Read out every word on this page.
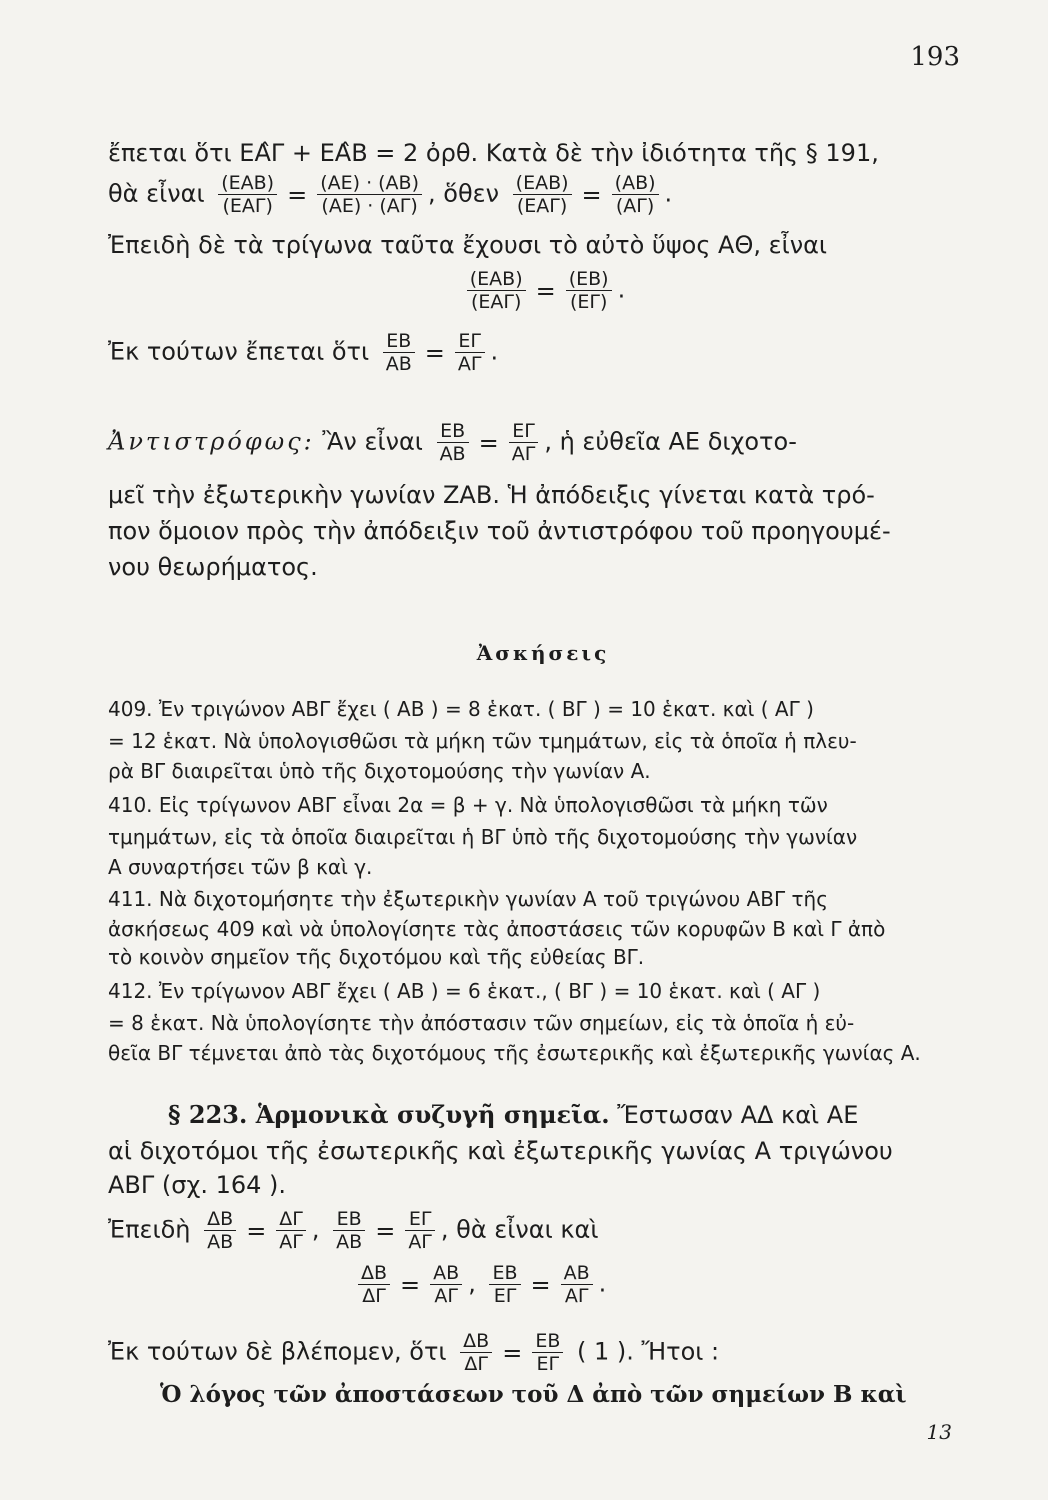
193
ἔπεται ὅτι ΕΑ̂Γ + ΕΑ̂Β = 2 ὀρθ. Κατὰ δὲ τὴν ἰδιότητα τῆς § 191,
θὰ εἶναι $\frac{\text{(ΕΑΒ)}}{\text{(ΕΑΓ)}} = \frac{(AE) \cdot (AB)}{(AE) \cdot (A\Gamma)}$ , ὅθεν $\frac{\text{(ΕΑΒ)}}{\text{(ΕΑΓ)}} = \frac{(AB)}{(A\Gamma)}$ .
Ἐπειδὴ δὲ τὰ τρίγωνα ταῦτα ἔχουσι τὸ αὐτὸ ὕψος ΑΘ, εἶναι
$\frac{\text{(ΕΑΒ)}}{\text{(ΕΑΓ)}} = \frac{(EB)}{(E\Gamma)}$ .
Ἐκ τούτων ἔπεται ὅτι $\frac{EB}{AB} = \frac{E\Gamma}{A\Gamma}$ .
Ἀντιστρόφως: Ἂν εἶναι $\frac{EB}{AB} = \frac{E\Gamma}{A\Gamma}$ , ἡ εὐθεῖα ΑΕ διχοτο-
μεῖ τὴν ἐξωτερικὴν γωνίαν ΖΑΒ. Ἡ ἀπόδειξις γίνεται κατὰ τρό-
πον ὅμοιον πρὸς τὴν ἀπόδειξιν τοῦ ἀντιστρόφου τοῦ προηγουμέ-
νου θεωρήματος.
Ἀσκήσεις
409. Ἐν τριγώνον ΑΒΓ ἔχει ( ΑΒ ) = 8 ἑκατ. ( ΒΓ ) = 10 ἑκατ. καὶ ( ΑΓ )
= 12 ἑκατ. Νὰ ὑπολογισθῶσι τὰ μήκη τῶν τμημάτων, εἰς τὰ ὁποῖα ἡ πλευ-
ρὰ ΒΓ διαιρεῖται ὑπὸ τῆς διχοτομούσης τὴν γωνίαν Α.
410. Εἰς τρίγωνον ΑΒΓ εἶναι 2α = β + γ. Νὰ ὑπολογισθῶσι τὰ μήκη τῶν
τμημάτων, εἰς τὰ ὁποῖα διαιρεῖται ἡ ΒΓ ὑπὸ τῆς διχοτομούσης τὴν γωνίαν
Α συναρτήσει τῶν β καὶ γ.
411. Νὰ διχοτομήσητε τὴν ἐξωτερικὴν γωνίαν Α τοῦ τριγώνου ΑΒΓ τῆς
ἀσκήσεως 409 καὶ νὰ ὑπολογίσητε τὰς ἀποστάσεις τῶν κορυφῶν Β καὶ Γ ἀπὸ
τὸ κοινὸν σημεῖον τῆς διχοτόμου καὶ τῆς εὐθείας ΒΓ.
412. Ἐν τρίγωνον ΑΒΓ ἔχει ( ΑΒ ) = 6 ἑκατ., ( ΒΓ ) = 10 ἑκατ. καὶ ( ΑΓ )
= 8 ἑκατ. Νὰ ὑπολογίσητε τὴν ἀπόστασιν τῶν σημείων, εἰς τὰ ὁποῖα ἡ εὐ-
θεῖα ΒΓ τέμνεται ἀπὸ τὰς διχοτόμους τῆς ἐσωτερικῆς καὶ ἐξωτερικῆς γωνίας Α.
§ 223. Ἁρμονικὰ συζυγῆ σημεῖα. Ἔστωσαν ΑΔ καὶ ΑΕ
αἱ διχοτόμοι τῆς ἐσωτερικῆς καὶ ἐξωτερικῆς γωνίας Α τριγώνου
ΑΒΓ (σχ. 164 ).
Ἐπειδὴ $\frac{\Delta B}{AB} = \frac{\Delta\Gamma}{A\Gamma}$ , $\frac{EB}{AB} = \frac{E\Gamma}{A\Gamma}$ , θὰ εἶναι καὶ
$\frac{\Delta B}{\Delta\Gamma} = \frac{AB}{A\Gamma}$ , $\frac{EB}{E\Gamma} = \frac{AB}{A\Gamma}$ .
Ἐκ τούτων δὲ βλέπομεν, ὅτι $\frac{\Delta B}{\Delta\Gamma} = \frac{EB}{E\Gamma}$ ( 1 ). Ἤτοι :
Ὁ λόγος τῶν ἀποστάσεων τοῦ Δ ἀπὸ τῶν σημείων Β καὶ
13
